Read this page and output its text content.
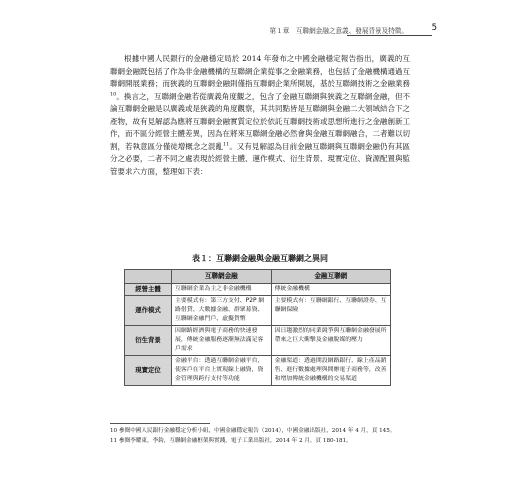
第１章　互聯網金融之意義、發展背景及特徵。	5

根據中國人民銀行的金融穩定局於 2014 年發布之中國金融穩定報告指出，廣義的互聯網金融既包括了作為非金融機構的互聯網企業從事之金融業務，也包括了金融機構通過互聯網開展業務；而狹義的互聯網金融則僅指互聯網企業所開展，基於互聯網技術之金融業務$^{10}$。換言之，互聯網金融若從廣義角度觀之，包含了金融互聯網與狹義之互聯網金融，但不論互聯網金融是以廣義或是狹義的角度觀察，其共同點皆是互聯網與金融二大領域結合下之產物，故有見解認為應將互聯網金融實質定位於依託互聯網技術或思想所進行之金融創新工作，而不區分經營主體差異，因為在將來互聯網金融必然會與金融互聯網融合，二者難以切割，若執意區分僅徒增概念之混亂$^{11}$。又有見解認為目前金融互聯網與互聯網金融仍有其區分之必要，二者不同之處表現於經營主體、運作模式、衍生背景、現實定位、資源配置與監管要求六方面，整理如下表：

表１：互聯網金融與金融互聯網之異同
	互聯網金融	金融互聯網
經營主體	互聯網企業為主之非金融機構	傳統金融機構
運作模式	主要模式有：第三方支付、P2P 網路借貸、大數據金融、群眾募資、互聯網金融門戶、虛擬貨幣	主要模式有：互聯網銀行、互聯網證券、互聯網保險
衍生背景	因網路經濟與電子商務的快速發展，傳統金融服務逐漸無法滿足客戶需求	因日趨激烈的同業競爭與互聯網金融發展所帶來之巨大衝擊及金融脫媒的壓力
現實定位	金融平台：透過互聯網金融平台，使客戶在平台上實現線上融資，資金管理與跨行支付等功能	金融渠道：透過開設網路銀行、線上產品銷售、進行數據處理與開辦電子商務等，改善和增加傳統金融機構的交易渠道
10 參閱中國人民銀行金融穩定分析小組，中國金融穩定報告（2014），中國金融出版社，2014 年 4 月，頁 145。
11 參閱李耀東，李鈞，互聯網金融框架與實踐，電子工業出版社，2014 年 2 月，頁 180-181。
